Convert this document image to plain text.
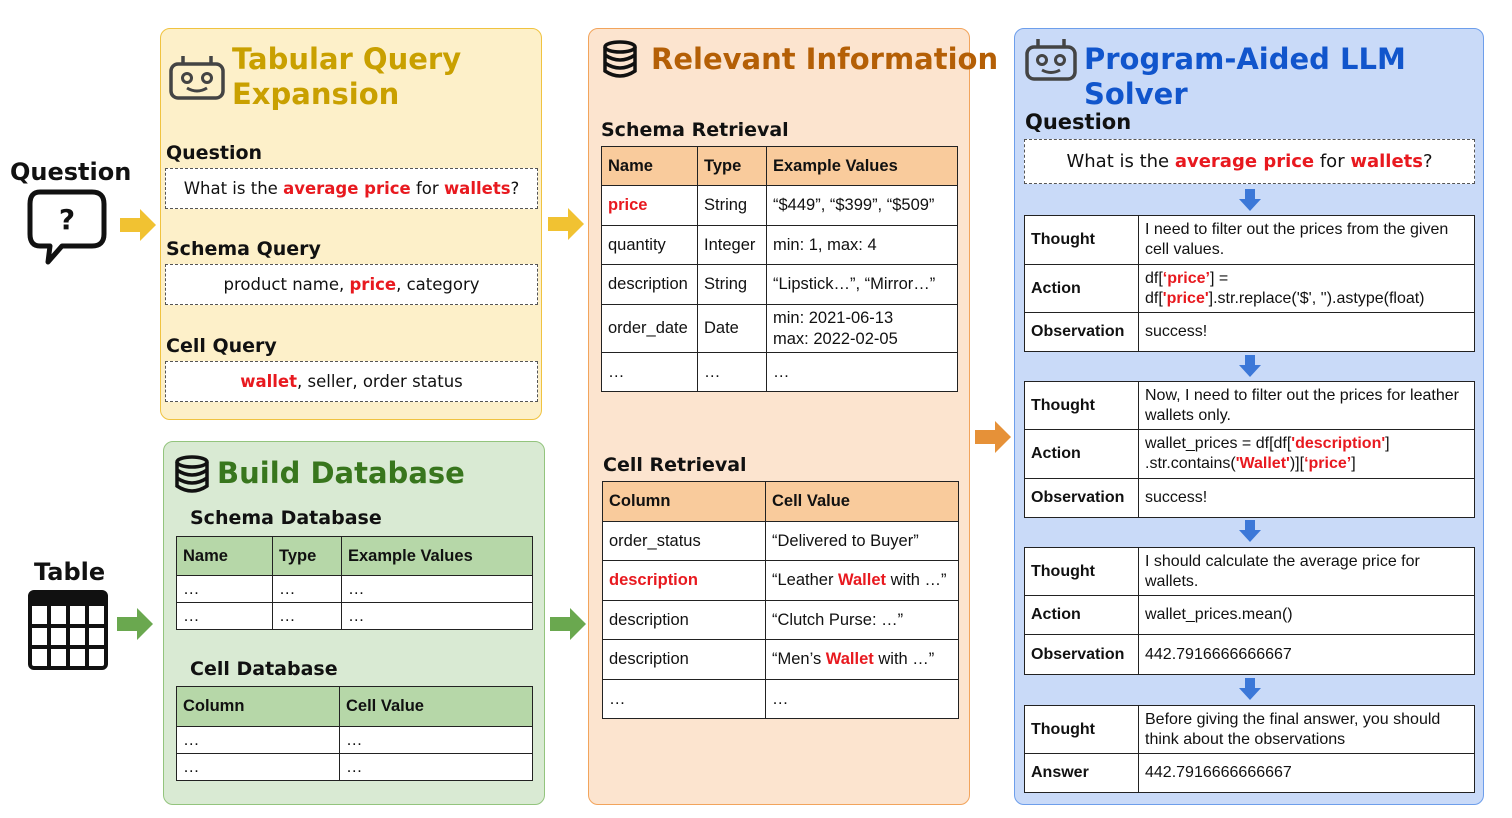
Question
?
Table
Tabular Query
Expansion
Question
What is the average price for wallets ?
Schema Query
product name, price , category
Cell Query
wallet , seller, order status
Build Database
Schema Database
Name	Type	Example Values
…	…	…
…	…	…
Cell Database
Column	Cell Value
…	…
…	…
Relevant Information
Schema Retrieval
Name	Type	Example Values
price	String	“$449”, “$399”, “$509”
quantity	Integer	min: 1, max: 4
description	String	“Lipstick…”, “Mirror…”
order_date	Date	min: 2021-06-13
max: 2022-02-05

…	…	…
Cell Retrieval
Column	Cell Value
order_status	“Delivered to Buyer”
description	“Leather Wallet with …”
description	“Clutch Purse: …”
description	“Men’s Wallet with …”
…	…
Program-Aided LLM Solver
Question
What is the average price for wallets ?
Thought	I need to filter out the prices from the given cell values.
Action	df[‘price’] =
df['price'].str.replace('$', '').astype(float)
Observation	success!
Thought	Now, I need to filter out the prices for leather wallets only.
Action	wallet_prices = df[df['description']
.str.contains('Wallet')][‘price’]
Observation	success!
Thought	I should calculate the average price for wallets.
Action	wallet_prices.mean()
Observation	442.7916666666667
Thought	Before giving the final answer, you should think about the observations
Answer	442.7916666666667
